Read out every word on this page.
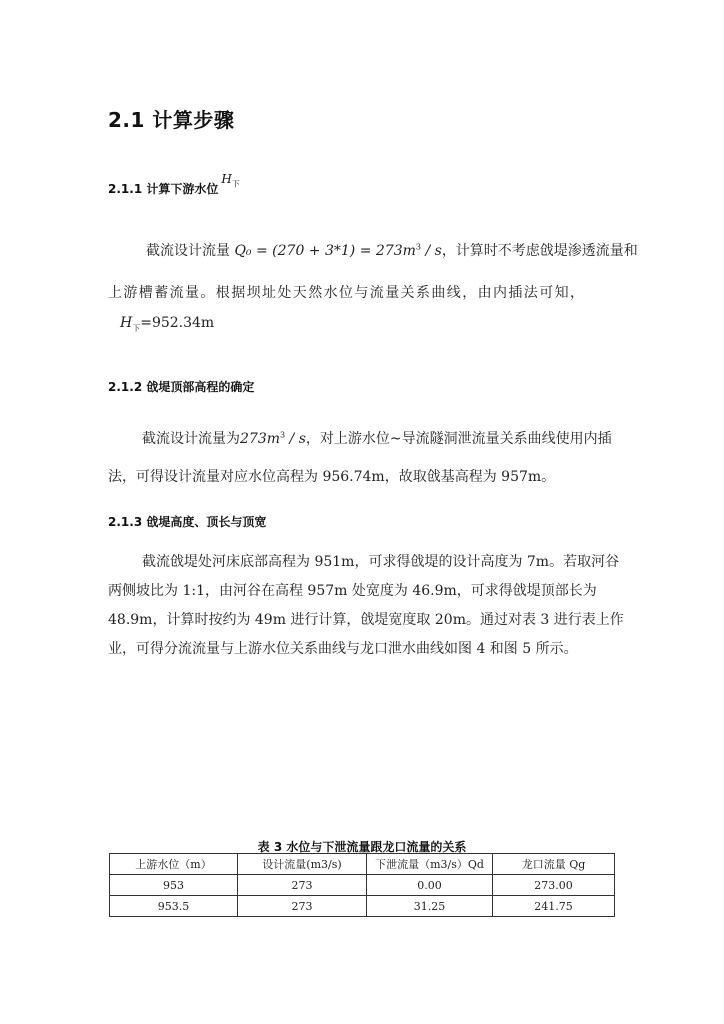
2.1 计算步骤
2.1.1 计算下游水位$H_下$
截流设计流量 $Q_0 = (270 + 3*1) = 273m^3 / s$，计算时不考虑戗堤渗透流量和
上游槽蓄流量。根据坝址处天然水位与流量关系曲线，由内插法可知，
$H_下=952.34m$
2.1.2 戗堤顶部高程的确定
截流设计流量为$273m^3$ / s，对上游水位~导流隧洞泄流量关系曲线使用内插
法，可得设计流量对应水位高程为 956.74m，故取戗基高程为 957m。
2.1.3 戗堤高度、顶长与顶宽
截流戗堤处河床底部高程为 951m，可求得戗堤的设计高度为 7m。若取河谷
两侧坡比为 1:1，由河谷在高程 957m 处宽度为 46.9m，可求得戗堤顶部长为
48.9m，计算时按约为 49m 进行计算，戗堤宽度取 20m。通过对表 3 进行表上作
业，可得分流流量与上游水位关系曲线与龙口泄水曲线如图 4 和图 5 所示。
表 3 水位与下泄流量跟龙口流量的关系
上游水位（m）	设计流量(m3/s)	下泄流量（m3/s）Qd	龙口流量 Qg
953	273	0.00	273.00
953.5	273	31.25	241.75
